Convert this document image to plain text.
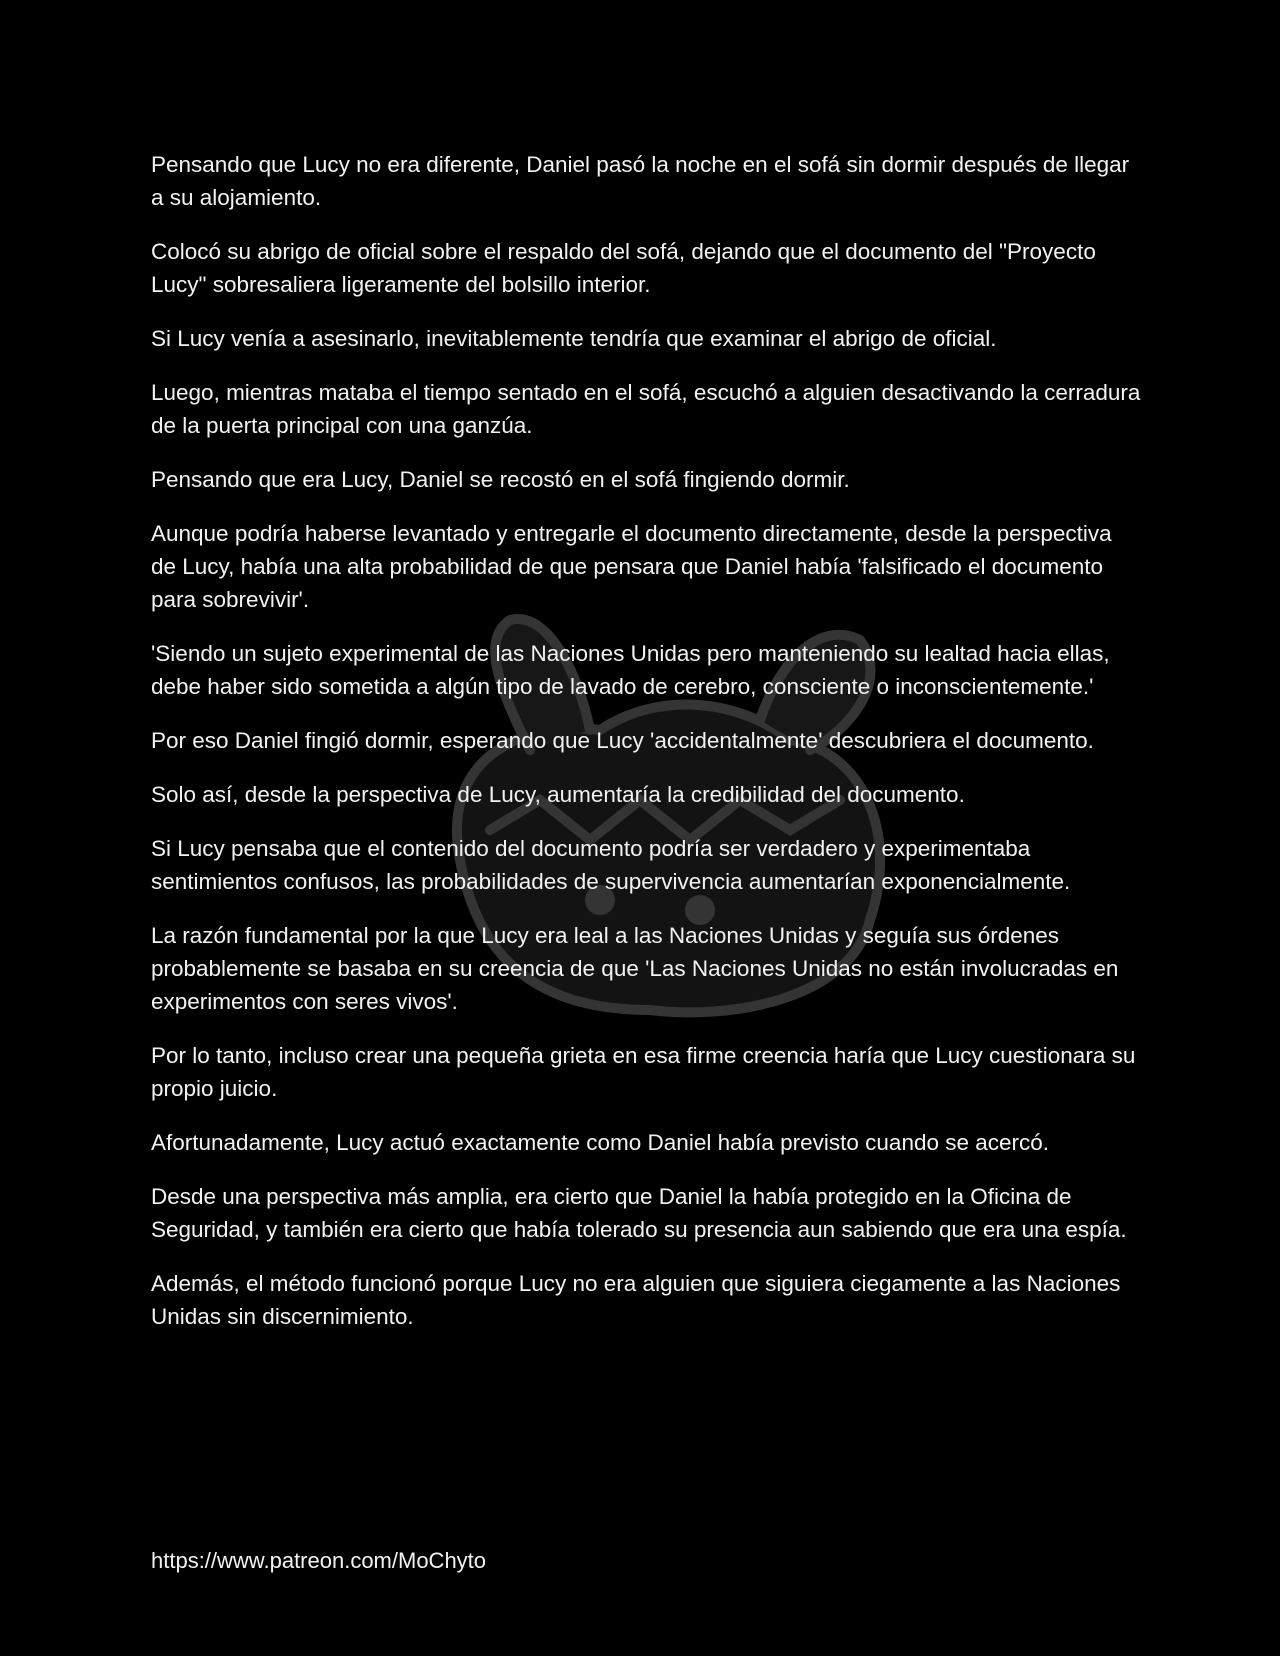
Pensando que Lucy no era diferente, Daniel pasó la noche en el sofá sin dormir después de llegar a su alojamiento.

Colocó su abrigo de oficial sobre el respaldo del sofá, dejando que el documento del "Proyecto Lucy" sobresaliera ligeramente del bolsillo interior.

Si Lucy venía a asesinarlo, inevitablemente tendría que examinar el abrigo de oficial.

Luego, mientras mataba el tiempo sentado en el sofá, escuchó a alguien desactivando la cerradura de la puerta principal con una ganzúa.

Pensando que era Lucy, Daniel se recostó en el sofá fingiendo dormir.

Aunque podría haberse levantado y entregarle el documento directamente, desde la perspectiva de Lucy, había una alta probabilidad de que pensara que Daniel había 'falsificado el documento para sobrevivir'.

'Siendo un sujeto experimental de las Naciones Unidas pero manteniendo su lealtad hacia ellas, debe haber sido sometida a algún tipo de lavado de cerebro, consciente o inconscientemente.'

Por eso Daniel fingió dormir, esperando que Lucy 'accidentalmente' descubriera el documento.

Solo así, desde la perspectiva de Lucy, aumentaría la credibilidad del documento.

Si Lucy pensaba que el contenido del documento podría ser verdadero y experimentaba sentimientos confusos, las probabilidades de supervivencia aumentarían exponencialmente.

La razón fundamental por la que Lucy era leal a las Naciones Unidas y seguía sus órdenes probablemente se basaba en su creencia de que 'Las Naciones Unidas no están involucradas en experimentos con seres vivos'.

Por lo tanto, incluso crear una pequeña grieta en esa firme creencia haría que Lucy cuestionara su propio juicio.

Afortunadamente, Lucy actuó exactamente como Daniel había previsto cuando se acercó.

Desde una perspectiva más amplia, era cierto que Daniel la había protegido en la Oficina de Seguridad, y también era cierto que había tolerado su presencia aun sabiendo que era una espía.

Además, el método funcionó porque Lucy no era alguien que siguiera ciegamente a las Naciones Unidas sin discernimiento.

https://www.patreon.com/MoChyto
